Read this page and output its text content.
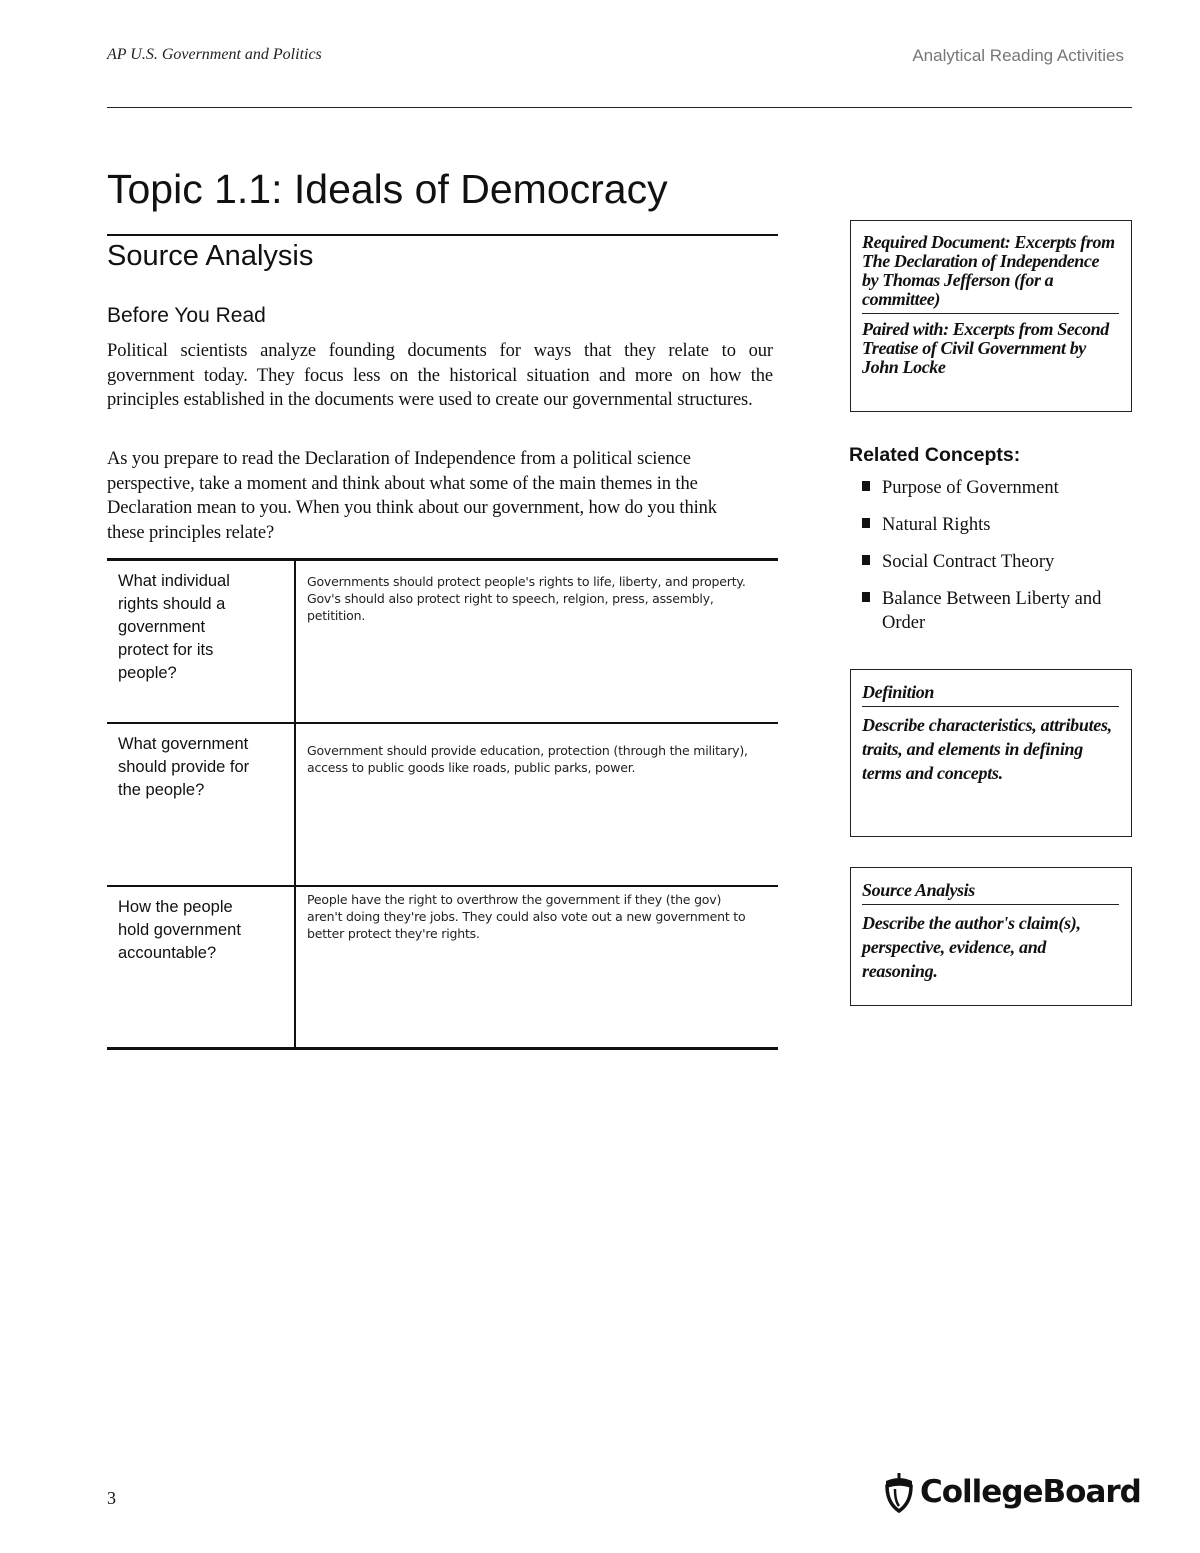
AP U.S. Government and Politics	Analytical Reading Activities
Topic 1.1: Ideals of Democracy
Source Analysis
Before You Read

Political scientists analyze founding documents for ways that they relate to our government today. They focus less on the historical situation and more on how the principles established in the documents were used to create our governmental structures.

As you prepare to read the Declaration of Independence from a political science perspective, take a moment and think about what some of the main themes in the Declaration mean to you. When you think about our government, how do you think these principles relate?

What individual rights should a government protect for its people?	Governments should protect people's rights to life, liberty, and property. Gov's should also protect right to speech, relgion, press, assembly, petitition.

What government should provide for the people?	Government should provide education, protection (through the military), access to public goods like roads, public parks, power.

How the people hold government accountable?	People have the right to overthrow the government if they (the gov) aren't doing they're jobs. They could also vote out a new government to better protect they're rights.

Required Document: Excerpts from The Declaration of Independence by Thomas Jefferson (for a committee)

Paired with: Excerpts from Second Treatise of Civil Government by John Locke

Related Concepts:
Purpose of Government
Natural Rights
Social Contract Theory
Balance Between Liberty and Order

Definition

Describe characteristics, attributes, traits, and elements in defining terms and concepts.

Source Analysis

Describe the author's claim(s), perspective, evidence, and reasoning.

3	CollegeBoard
